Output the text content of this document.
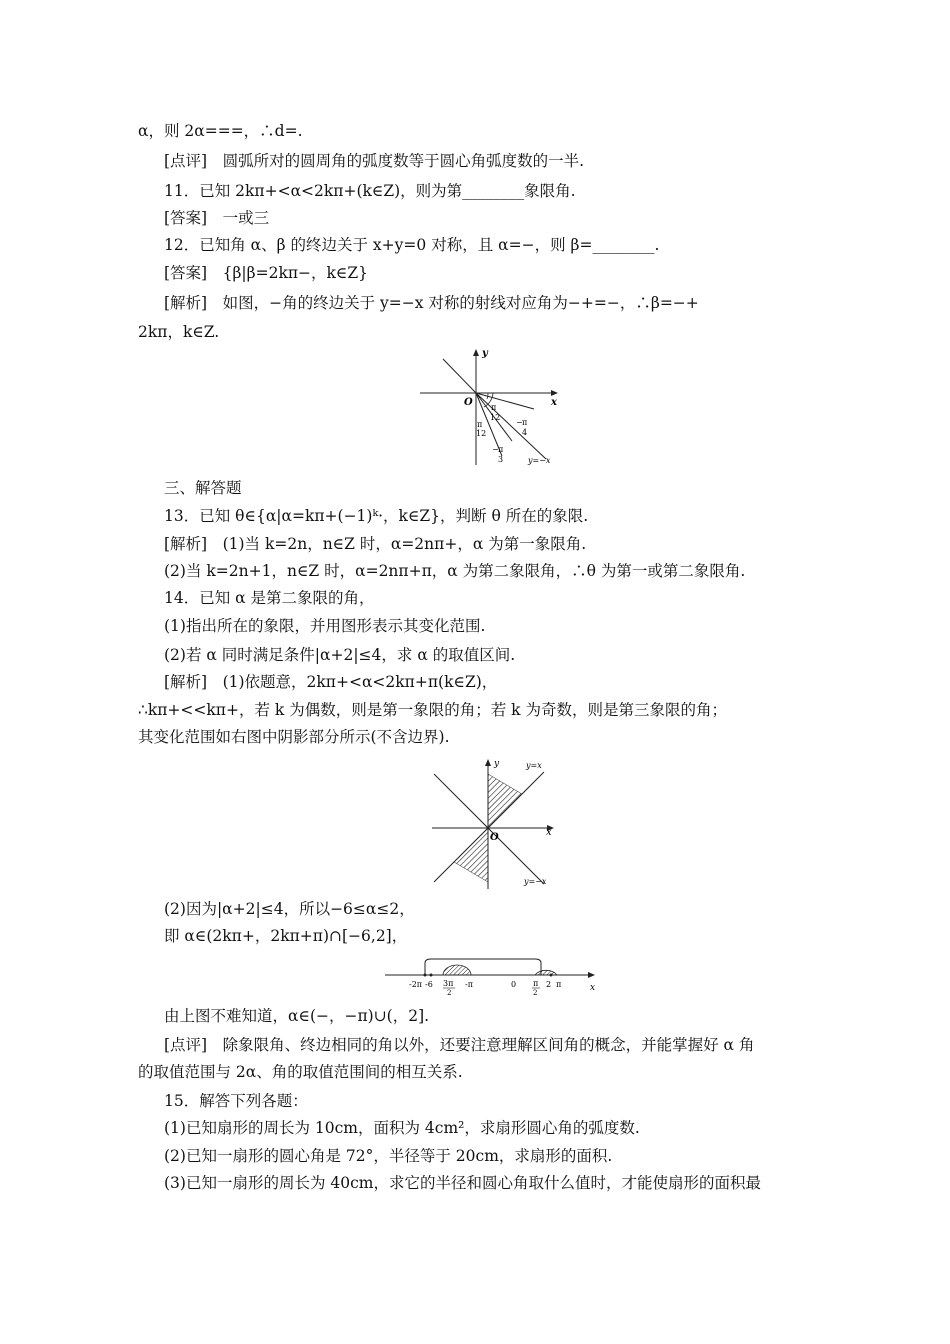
α，则 2α===，∴d=.
[点评]　圆弧所对的圆周角的弧度数等于圆心角弧度数的一半.
11．已知 2kπ+<α<2kπ+(k∈Z)，则为第________象限角.
[答案]　一或三
12．已知角 α、β 的终边关于 x+y=0 对称，且 α=−，则 β=________.
[答案]　{β|β=2kπ−，k∈Z}
[解析]　如图，−角的终边关于 y=−x 对称的射线对应角为−+=−，∴β=−+
2kπ，k∈Z.
y
x
O π
12
π
12
− π
4
− π
3	y=−x
三、解答题
13．已知 θ∈{α|α=kπ+(−1)ᵏ·，k∈Z}，判断 θ 所在的象限.
[解析]　(1)当 k=2n，n∈Z 时，α=2nπ+，α 为第一象限角.
(2)当 k=2n+1，n∈Z 时，α=2nπ+π，α 为第二象限角，∴θ 为第一或第二象限角.
14．已知 α 是第二象限的角，
(1)指出所在的象限，并用图形表示其变化范围.
(2)若 α 同时满足条件|α+2|≤4，求 α 的取值区间.
[解析]　(1)依题意，2kπ+<α<2kπ+π(k∈Z)，
∴kπ+<<kπ+，若 k 为偶数，则是第一象限的角；若 k 为奇数，则是第三象限的角；
其变化范围如右图中阴影部分所示(不含边界).
y
x
O
y=x
y=−x
(2)因为|α+2|≤4，所以−6≤α≤2，
即 α∈(2kπ+，2kπ+π)∩[−6,2]，
-2π -6 3π
2
-π	0 π
2
2 π	x
由上图不难知道，α∈(−，−π)∪(，2].
[点评]　除象限角、终边相同的角以外，还要注意理解区间角的概念，并能掌握好 α 角
的取值范围与 2α、角的取值范围间的相互关系.
15．解答下列各题：
(1)已知扇形的周长为 10cm，面积为 4cm²，求扇形圆心角的弧度数.
(2)已知一扇形的圆心角是 72°，半径等于 20cm，求扇形的面积.
(3)已知一扇形的周长为 40cm，求它的半径和圆心角取什么值时，才能使扇形的面积最
